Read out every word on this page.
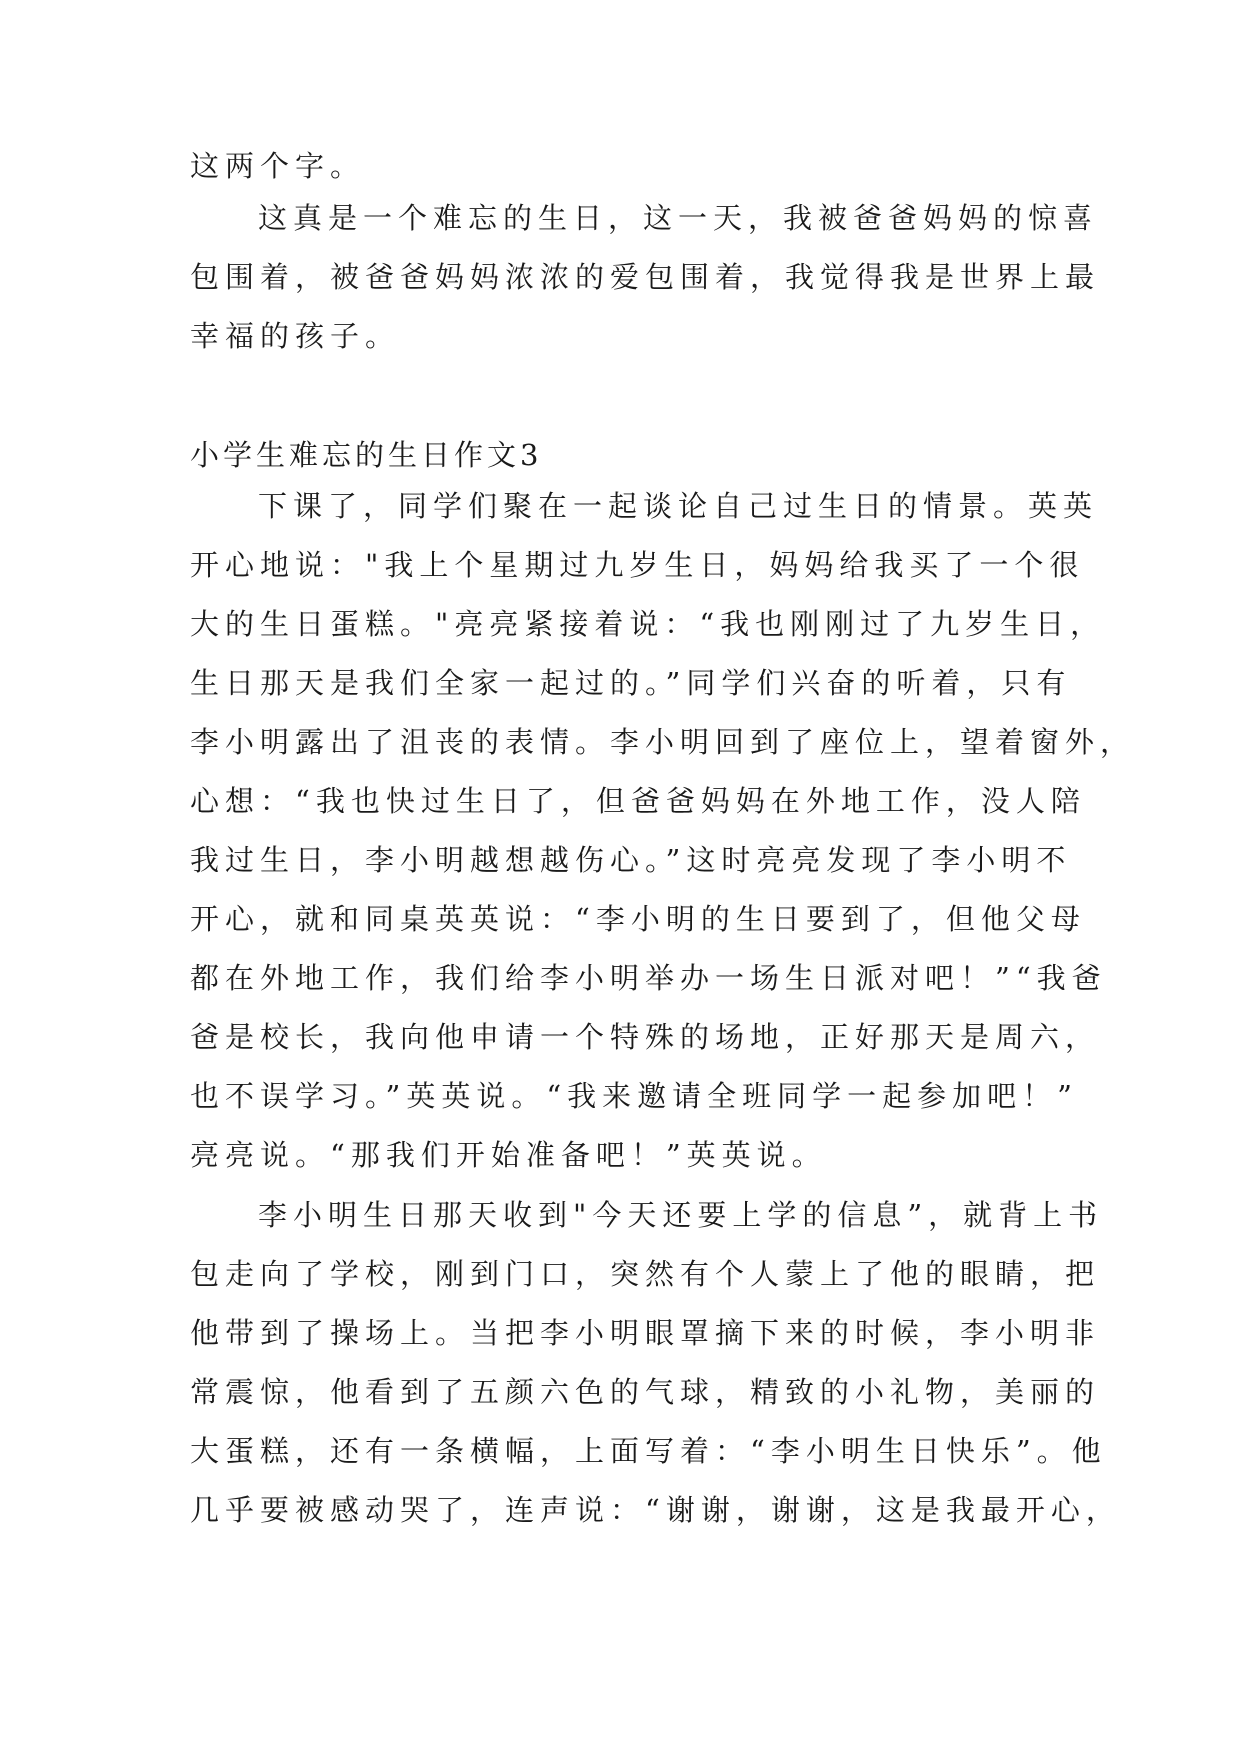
这两个字。
这真是一个难忘的生日，这一天，我被爸爸妈妈的惊喜
包围着，被爸爸妈妈浓浓的爱包围着，我觉得我是世界上最
幸福的孩子。
小学生难忘的生日作文3
下课了，同学们聚在一起谈论自己过生日的情景。英英
开心地说："我上个星期过九岁生日，妈妈给我买了一个很
大的生日蛋糕。"亮亮紧接着说：“我也刚刚过了九岁生日，
生日那天是我们全家一起过的。”同学们兴奋的听着，只有
李小明露出了沮丧的表情。李小明回到了座位上，望着窗外，
心想：“我也快过生日了，但爸爸妈妈在外地工作，没人陪
我过生日，李小明越想越伤心。”这时亮亮发现了李小明不
开心，就和同桌英英说：“李小明的生日要到了，但他父母
都在外地工作，我们给李小明举办一场生日派对吧！”“我爸
爸是校长，我向他申请一个特殊的场地，正好那天是周六，
也不误学习。”英英说。“我来邀请全班同学一起参加吧！”
亮亮说。“那我们开始准备吧！”英英说。
李小明生日那天收到"今天还要上学的信息”，就背上书
包走向了学校，刚到门口，突然有个人蒙上了他的眼睛，把
他带到了操场上。当把李小明眼罩摘下来的时候，李小明非
常震惊，他看到了五颜六色的气球，精致的小礼物，美丽的
大蛋糕，还有一条横幅，上面写着：“李小明生日快乐”。他
几乎要被感动哭了，连声说：“谢谢，谢谢，这是我最开心，
